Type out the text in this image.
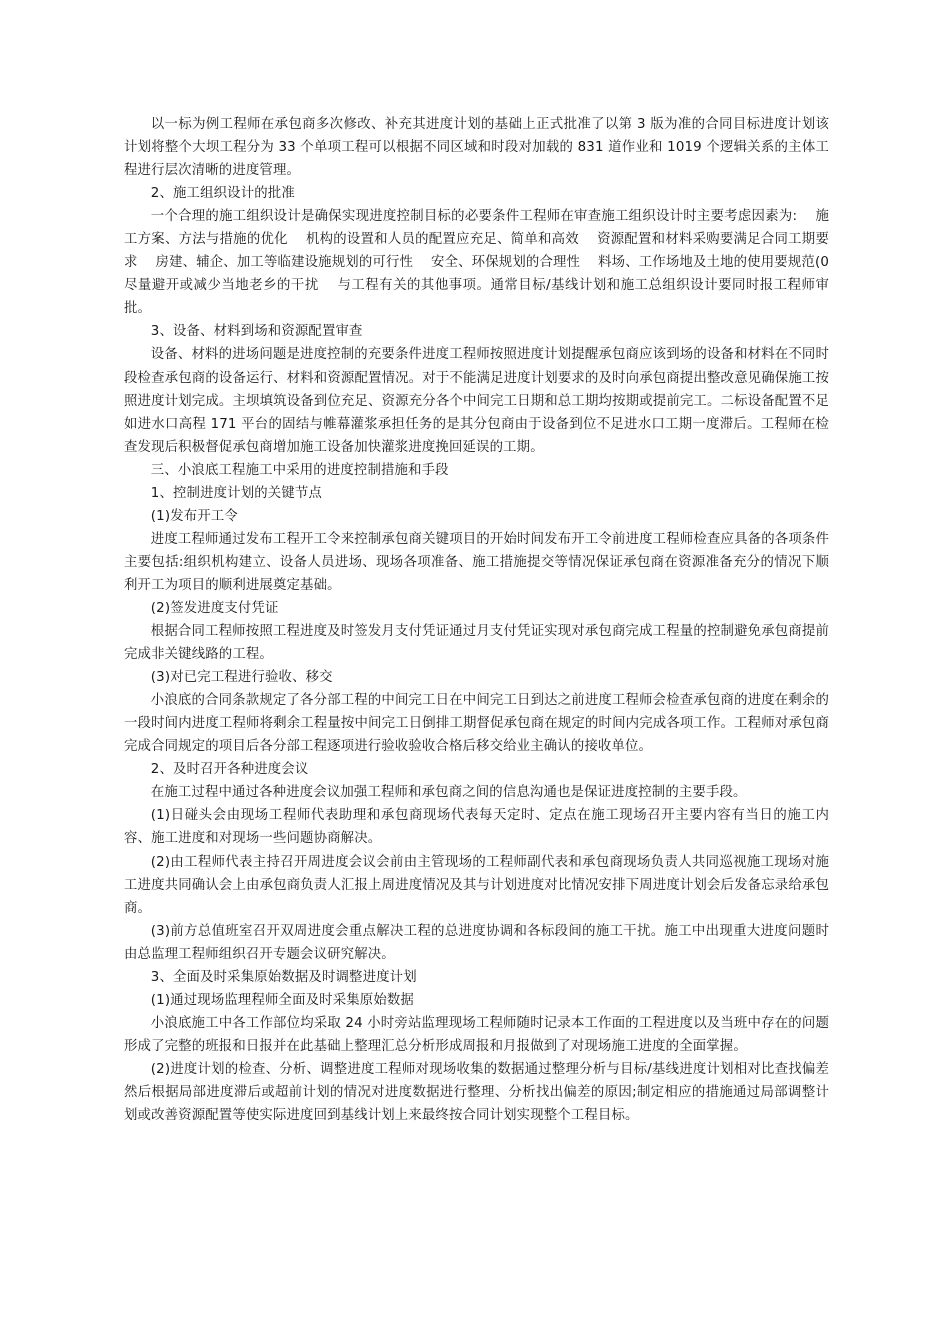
以一标为例工程师在承包商多次修改、补充其进度计划的基础上正式批准了以第 3 版为准的合同目标进度计划该计划将整个大坝工程分为 33 个单项工程可以根据不同区域和时段对加载的 831 道作业和 1019 个逻辑关系的主体工程进行层次清晰的进度管理。

2、施工组织设计的批准

一个合理的施工组织设计是确保实现进度控制目标的必要条件工程师在审查施工组织设计时主要考虑因素为:　 施工方案、方法与措施的优化　 机构的设置和人员的配置应充足、简单和高效　 资源配置和材料采购要满足合同工期要求　 房建、辅企、加工等临建设施规划的可行性　 安全、环保规划的合理性　 料场、工作场地及土地的使用要规范(0 尽量避开或减少当地老乡的干扰　 与工程有关的其他事项。通常目标/基线计划和施工总组织设计要同时报工程师审批。

3、设备、材料到场和资源配置审查

设备、材料的进场问题是进度控制的充要条件进度工程师按照进度计划提醒承包商应该到场的设备和材料在不同时段检查承包商的设备运行、材料和资源配置情况。对于不能满足进度计划要求的及时向承包商提出整改意见确保施工按照进度计划完成。主坝填筑设备到位充足、资源充分各个中间完工日期和总工期均按期或提前完工。二标设备配置不足如进水口高程 171 平台的固结与帷幕灌浆承担任务的是其分包商由于设备到位不足进水口工期一度滞后。工程师在检查发现后积极督促承包商增加施工设备加快灌浆进度挽回延误的工期。

三、小浪底工程施工中采用的进度控制措施和手段

1、控制进度计划的关键节点

(1)发布开工令

进度工程师通过发布工程开工令来控制承包商关键项目的开始时间发布开工令前进度工程师检查应具备的各项条件主要包括:组织机构建立、设备人员进场、现场各项准备、施工措施提交等情况保证承包商在资源准备充分的情况下顺利开工为项目的顺利进展奠定基础。

(2)签发进度支付凭证

根据合同工程师按照工程进度及时签发月支付凭证通过月支付凭证实现对承包商完成工程量的控制避免承包商提前完成非关键线路的工程。

(3)对已完工程进行验收、移交

小浪底的合同条款规定了各分部工程的中间完工日在中间完工日到达之前进度工程师会检查承包商的进度在剩余的一段时间内进度工程师将剩余工程量按中间完工日倒排工期督促承包商在规定的时间内完成各项工作。工程师对承包商完成合同规定的项目后各分部工程逐项进行验收验收合格后移交给业主确认的接收单位。

2、及时召开各种进度会议

在施工过程中通过各种进度会议加强工程师和承包商之间的信息沟通也是保证进度控制的主要手段。

(1)日碰头会由现场工程师代表助理和承包商现场代表每天定时、定点在施工现场召开主要内容有当日的施工内容、施工进度和对现场一些问题协商解决。

(2)由工程师代表主持召开周进度会议会前由主管现场的工程师副代表和承包商现场负责人共同巡视施工现场对施工进度共同确认会上由承包商负责人汇报上周进度情况及其与计划进度对比情况安排下周进度计划会后发备忘录给承包商。

(3)前方总值班室召开双周进度会重点解决工程的总进度协调和各标段间的施工干扰。施工中出现重大进度问题时由总监理工程师组织召开专题会议研究解决。

3、全面及时采集原始数据及时调整进度计划

(1)通过现场监理程师全面及时采集原始数据

小浪底施工中各工作部位均采取 24 小时旁站监理现场工程师随时记录本工作面的工程进度以及当班中存在的问题形成了完整的班报和日报并在此基础上整理汇总分析形成周报和月报做到了对现场施工进度的全面掌握。

(2)进度计划的检查、分析、调整进度工程师对现场收集的数据通过整理分析与目标/基线进度计划相对比查找偏差然后根据局部进度滞后或超前计划的情况对进度数据进行整理、分析找出偏差的原因;制定相应的措施通过局部调整计划或改善资源配置等使实际进度回到基线计划上来最终按合同计划实现整个工程目标。
